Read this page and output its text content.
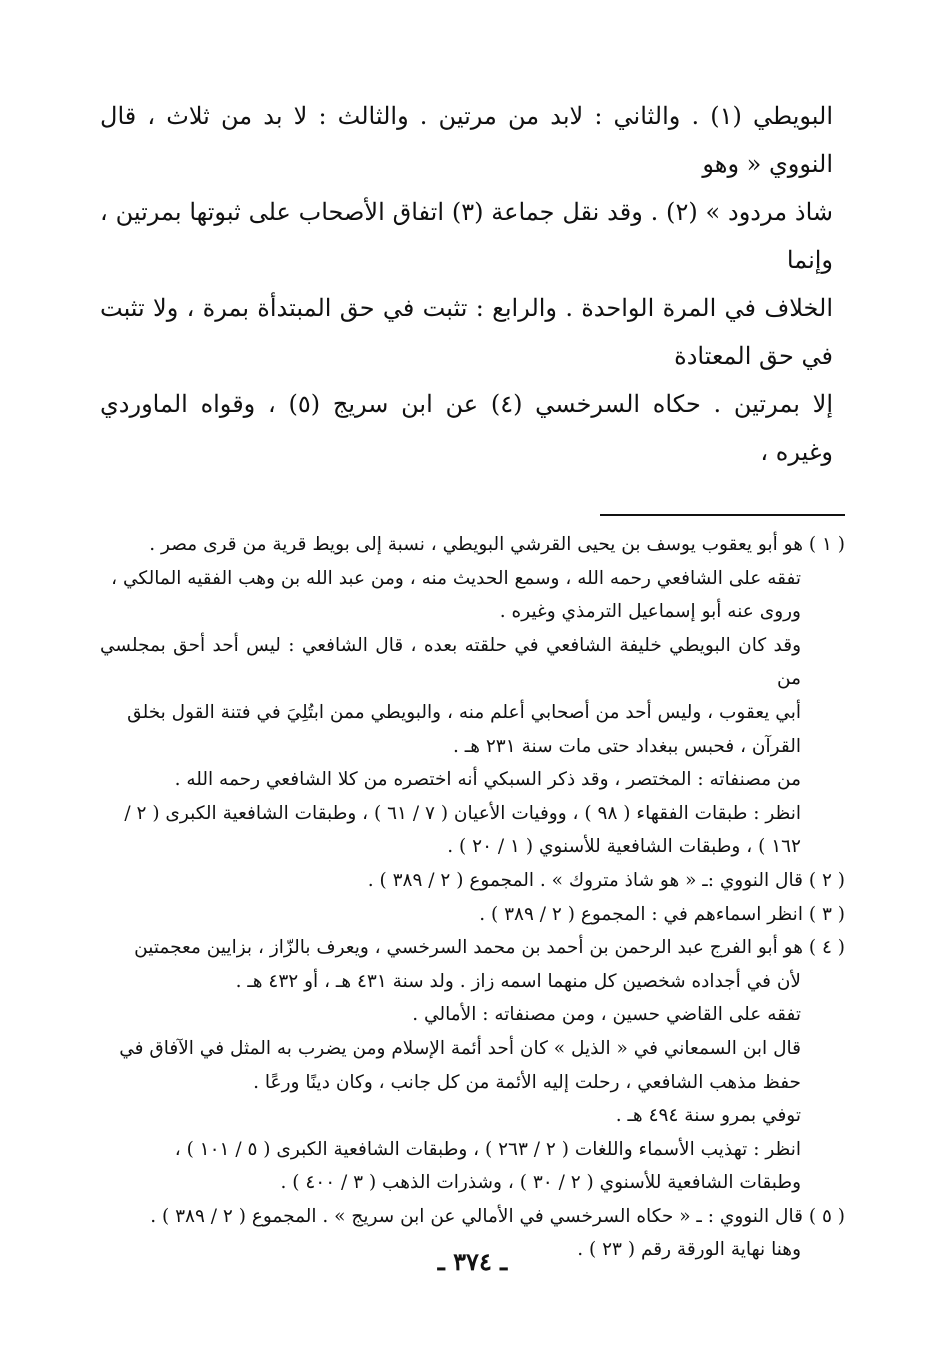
البويطي (١) . والثاني : لابد من مرتين . والثالث : لا بد من ثلاث ، قال النووي « وهو

شاذ مردود » (٢) . وقد نقل جماعة (٣) اتفاق الأصحاب على ثبوتها بمرتين ، وإنما

الخلاف في المرة الواحدة . والرابع : تثبت في حق المبتدأة بمرة ، ولا تثبت في حق المعتادة

إلا بمرتين . حكاه السرخسي (٤) عن ابن سريج (٥) ، وقواه الماوردي وغيره ،

( ١ ) هو أبو يعقوب يوسف بن يحيى القرشي البويطي ، نسبة إلى بويط قرية من قرى مصر .
تفقه على الشافعي رحمه الله ، وسمع الحديث منه ، ومن عبد الله بن وهب الفقيه المالكي ،
وروى عنه أبو إسماعيل الترمذي وغيره .
وقد كان البويطي خليفة الشافعي في حلقته بعده ، قال الشافعي : ليس أحد أحق بمجلسي من
أبي يعقوب ، وليس أحد من أصحابي أعلم منه ، والبويطي ممن ابتُلِيَ في فتنة القول بخلق
القرآن ، فحبس ببغداد حتى مات سنة ٢٣١ هـ .
من مصنفاته : المختصر ، وقد ذكر السبكي أنه اختصره من كلا الشافعي رحمه الله .
انظر : طبقات الفقهاء ( ٩٨ ) ، ووفيات الأعيان ( ٧ / ٦١ ) ، وطبقات الشافعية الكبرى ( ٢ /
١٦٢ ) ، وطبقات الشافعية للأسنوي ( ١ / ٢٠ ) .
( ٢ ) قال النووي :ـ « هو شاذ متروك » . المجموع ( ٢ / ٣٨٩ ) .
( ٣ ) انظر اسماءهم في : المجموع ( ٢ / ٣٨٩ ) .
( ٤ ) هو أبو الفرج عبد الرحمن بن أحمد بن محمد السرخسي ، ويعرف بالزّاز ، بزايين معجمتين
لأن في أجداده شخصين كل منهما اسمه زاز . ولد سنة ٤٣١ هـ ، أو ٤٣٢ هـ .
تفقه على القاضي حسين ، ومن مصنفاته : الأمالي .
قال ابن السمعاني في « الذيل » كان أحد أئمة الإسلام ومن يضرب به المثل في الآفاق في
حفظ مذهب الشافعي ، رحلت إليه الأئمة من كل جانب ، وكان دينًا ورعًا .
توفي بمرو سنة ٤٩٤ هـ .
انظر : تهذيب الأسماء واللغات ( ٢ / ٢٦٣ ) ، وطبقات الشافعية الكبرى ( ٥ / ١٠١ ) ،
وطبقات الشافعية للأسنوي ( ٢ / ٣٠ ) ، وشذرات الذهب ( ٣ / ٤٠٠ ) .
( ٥ ) قال النووي : ـ « حكاه السرخسي في الأمالي عن ابن سريج » . المجموع ( ٢ / ٣٨٩ ) .
وهنا نهاية الورقة رقم ( ٢٣ ) .
ـ ٣٧٤ ـ
